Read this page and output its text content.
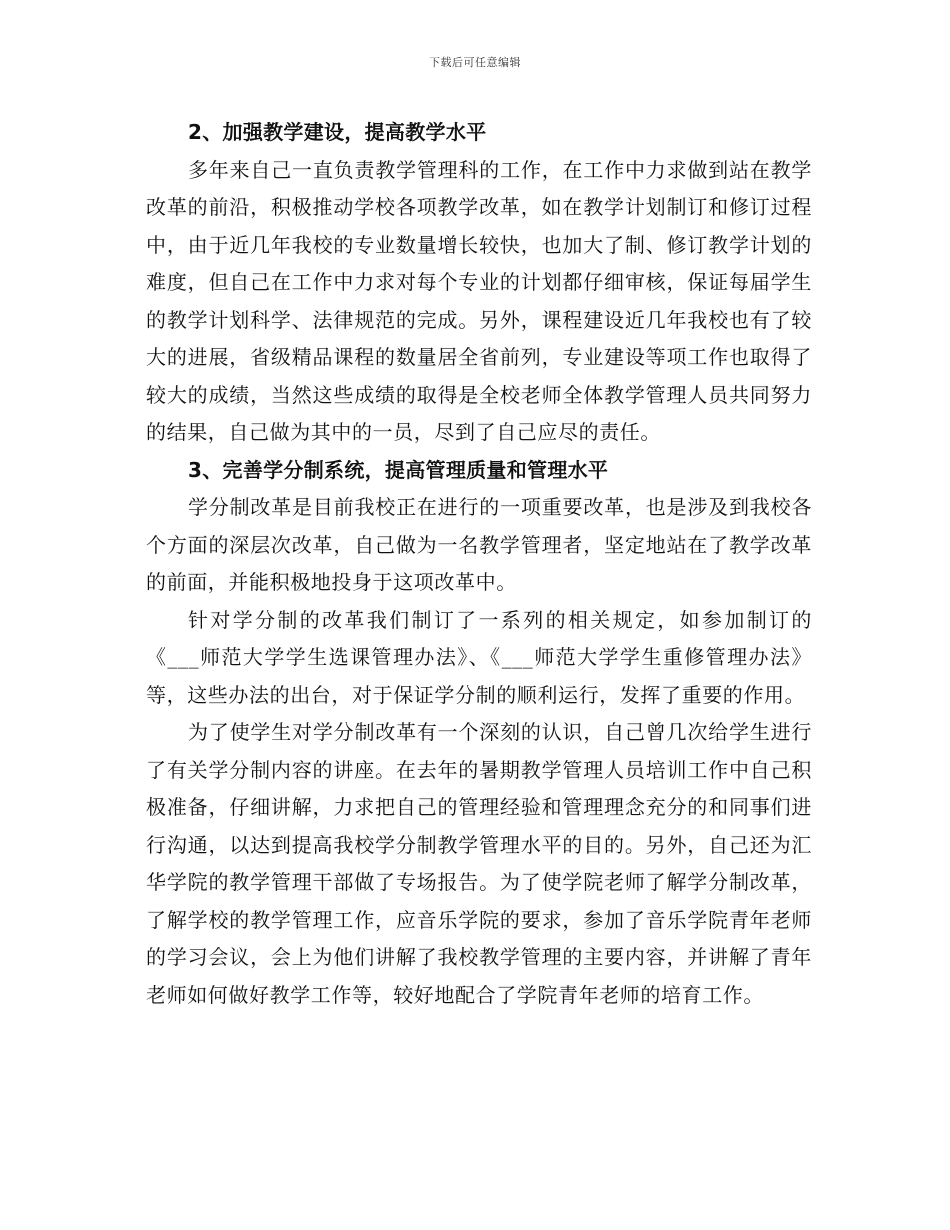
下载后可任意编辑

2、加强教学建设，提高教学水平

多年来自己一直负责教学管理科的工作，在工作中力求做到站在教学改革的前沿，积极推动学校各项教学改革，如在教学计划制订和修订过程中，由于近几年我校的专业数量增长较快，也加大了制、修订教学计划的难度，但自己在工作中力求对每个专业的计划都仔细审核，保证每届学生的教学计划科学、法律规范的完成。另外，课程建设近几年我校也有了较大的进展，省级精品课程的数量居全省前列，专业建设等项工作也取得了较大的成绩，当然这些成绩的取得是全校老师全体教学管理人员共同努力的结果，自己做为其中的一员，尽到了自己应尽的责任。

3、完善学分制系统，提高管理质量和管理水平

学分制改革是目前我校正在进行的一项重要改革，也是涉及到我校各个方面的深层次改革，自己做为一名教学管理者，坚定地站在了教学改革的前面，并能积极地投身于这项改革中。

针对学分制的改革我们制订了一系列的相关规定，如参加制订的《___师范大学学生选课管理办法》、《___师范大学学生重修管理办法》等，这些办法的出台，对于保证学分制的顺利运行，发挥了重要的作用。

为了使学生对学分制改革有一个深刻的认识，自己曾几次给学生进行了有关学分制内容的讲座。在去年的暑期教学管理人员培训工作中自己积极准备，仔细讲解，力求把自己的管理经验和管理理念充分的和同事们进行沟通，以达到提高我校学分制教学管理水平的目的。另外，自己还为汇华学院的教学管理干部做了专场报告。为了使学院老师了解学分制改革，了解学校的教学管理工作，应音乐学院的要求，参加了音乐学院青年老师的学习会议，会上为他们讲解了我校教学管理的主要内容，并讲解了青年老师如何做好教学工作等，较好地配合了学院青年老师的培育工作。
